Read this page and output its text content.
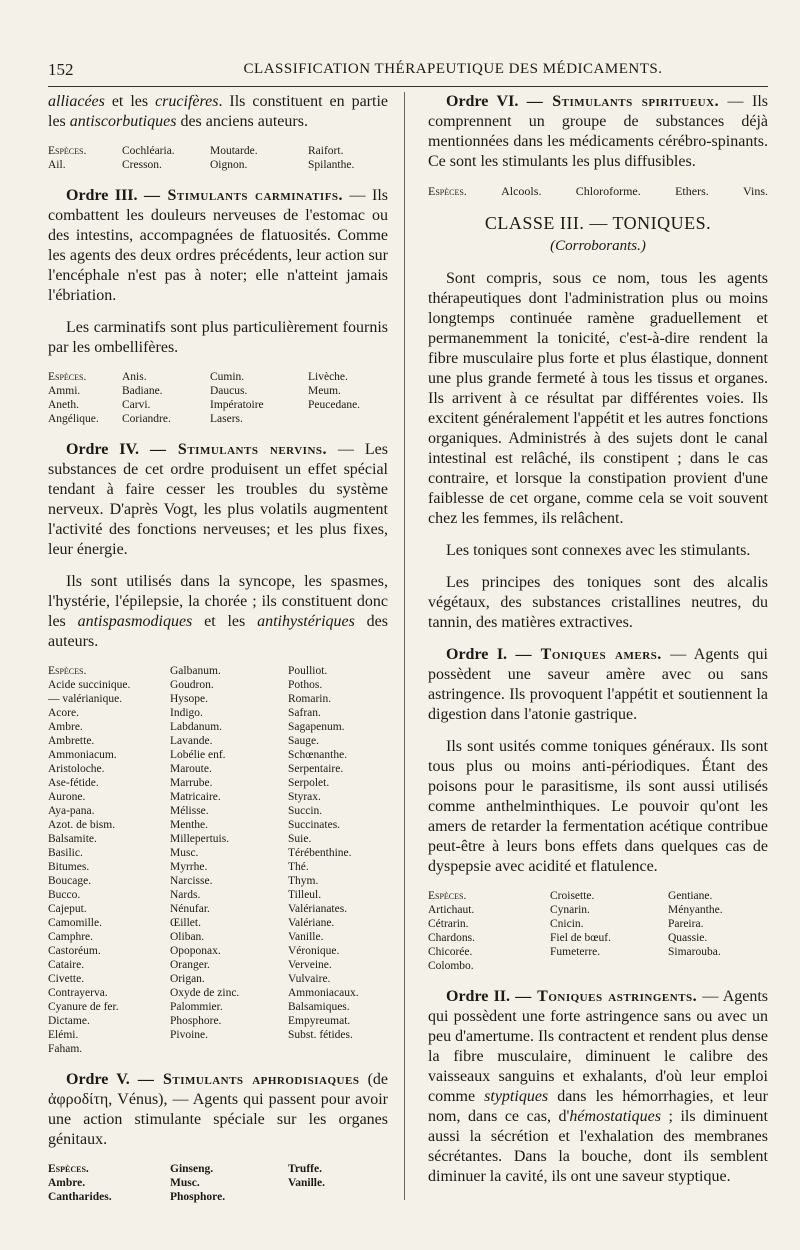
152	CLASSIFICATION THÉRAPEUTIQUE DES MÉDICAMENTS.

alliacées et les crucifères. Ils constituent en partie les antiscorbutiques des anciens auteurs.

Espèces.	Cochléaria.	Moutarde.	Raifort.
Ail.	Cresson.	Oignon.	Spilanthe.

Ordre III. — Stimulants carminatifs. — Ils combattent les douleurs nerveuses de l'estomac ou des intestins, accompagnées de flatuosités. Comme les agents des deux ordres précédents, leur action sur l'encéphale n'est pas à noter; elle n'atteint jamais l'ébriation.

Les carminatifs sont plus particulièrement fournis par les ombellifères.

Espèces.	Anis.	Cumin.	Livèche.
Ammi.	Badiane.	Daucus.	Meum.
Aneth.	Carvi.	Impératoire	Peucedane.
Angélique.	Coriandre.	Lasers.

Ordre IV. — Stimulants nervins. — Les substances de cet ordre produisent un effet spécial tendant à faire cesser les troubles du système nerveux. D'après Vogt, les plus volatils augmentent l'activité des fonctions nerveuses; et les plus fixes, leur énergie.

Ils sont utilisés dans la syncope, les spasmes, l'hystérie, l'épilepsie, la chorée ; ils constituent donc les antispasmodiques et les antihystériques des auteurs.

Espèces.	Galbanum.	Poulliot.
Acide succinique.	Goudron.	Pothos.
— valérianique.	Hysope.	Romarin.
Acore.	Indigo.	Safran.
Ambre.	Labdanum.	Sagapenum.
Ambrette.	Lavande.	Sauge.
Ammoniacum.	Lobélie enf.	Schœnanthe.
Aristoloche.	Maroute.	Serpentaire.
Ase-fétide.	Marrube.	Serpolet.
Aurone.	Matricaire.	Styrax.
Aya-pana.	Mélisse.	Succin.
Azot. de bism.	Menthe.	Succinates.
Balsamite.	Millepertuis.	Suie.
Basilic.	Musc.	Térébenthine.
Bitumes.	Myrrhe.	Thé.
Boucage.	Narcisse.	Thym.
Bucco.	Nards.	Tilleul.
Cajeput.	Nénufar.	Valérianates.
Camomille.	Œillet.	Valériane.
Camphre.	Oliban.	Vanille.
Castoréum.	Opoponax.	Véronique.
Cataire.	Oranger.	Verveine.
Civette.	Origan.	Vulvaire.
Contrayerva.	Oxyde de zinc.	Ammoniacaux.
Cyanure de fer.	Palommier.	Balsamiques.
Dictame.	Phosphore.	Empyreumat.
Elémi.	Pivoine.	Subst. fétides.
Faham.

Ordre V. — Stimulants aphrodisiaques (de ἀφροδίτη, Vénus), — Agents qui passent pour avoir une action stimulante spéciale sur les organes génitaux.

Espèces.	Ginseng.	Truffe.
Ambre.	Musc.	Vanille.
Cantharides.	Phosphore.

Ordre VI. — Stimulants spiritueux. — Ils comprennent un groupe de substances déjà mentionnées dans les médicaments cérébro-spinants. Ce sont les stimulants les plus diffusibles.

Espèces.	Alcools.	Chloroforme.	Ethers.	Vins.
CLASSE III. — TONIQUES.
(Corroborants.)

Sont compris, sous ce nom, tous les agents thérapeutiques dont l'administration plus ou moins longtemps continuée ramène graduellement et permanemment la tonicité, c'est-à-dire rendent la fibre musculaire plus forte et plus élastique, donnent une plus grande fermeté à tous les tissus et organes. Ils arrivent à ce résultat par différentes voies. Ils excitent généralement l'appétit et les autres fonctions organiques. Administrés à des sujets dont le canal intestinal est relâché, ils constipent ; dans le cas contraire, et lorsque la constipation provient d'une faiblesse de cet organe, comme cela se voit souvent chez les femmes, ils relâchent.

Les toniques sont connexes avec les stimulants.

Les principes des toniques sont des alcalis végétaux, des substances cristallines neutres, du tannin, des matières extractives.

Ordre I. — Toniques amers. — Agents qui possèdent une saveur amère avec ou sans astringence. Ils provoquent l'appétit et soutiennent la digestion dans l'atonie gastrique.

Ils sont usités comme toniques généraux. Ils sont tous plus ou moins anti-périodiques. Étant des poisons pour le parasitisme, ils sont aussi utilisés comme anthelminthiques. Le pouvoir qu'ont les amers de retarder la fermentation acétique contribue peut-être à leurs bons effets dans quelques cas de dyspepsie avec acidité et flatulence.

Espèces.	Croisette.	Gentiane.
Artichaut.	Cynarin.	Ményanthe.
Cétrarin.	Cnicin.	Pareira.
Chardons.	Fiel de bœuf.	Quassie.
Chicorée.	Fumeterre.	Simarouba.
Colombo.

Ordre II. — Toniques astringents. — Agents qui possèdent une forte astringence sans ou avec un peu d'amertume. Ils contractent et rendent plus dense la fibre musculaire, diminuent le calibre des vaisseaux sanguins et exhalants, d'où leur emploi comme styptiques dans les hémorrhagies, et leur nom, dans ce cas, d'hémostatiques ; ils diminuent aussi la sécrétion et l'exhalation des membranes sécrétantes. Dans la bouche, dont ils semblent diminuer la cavité, ils ont une saveur styptique.
